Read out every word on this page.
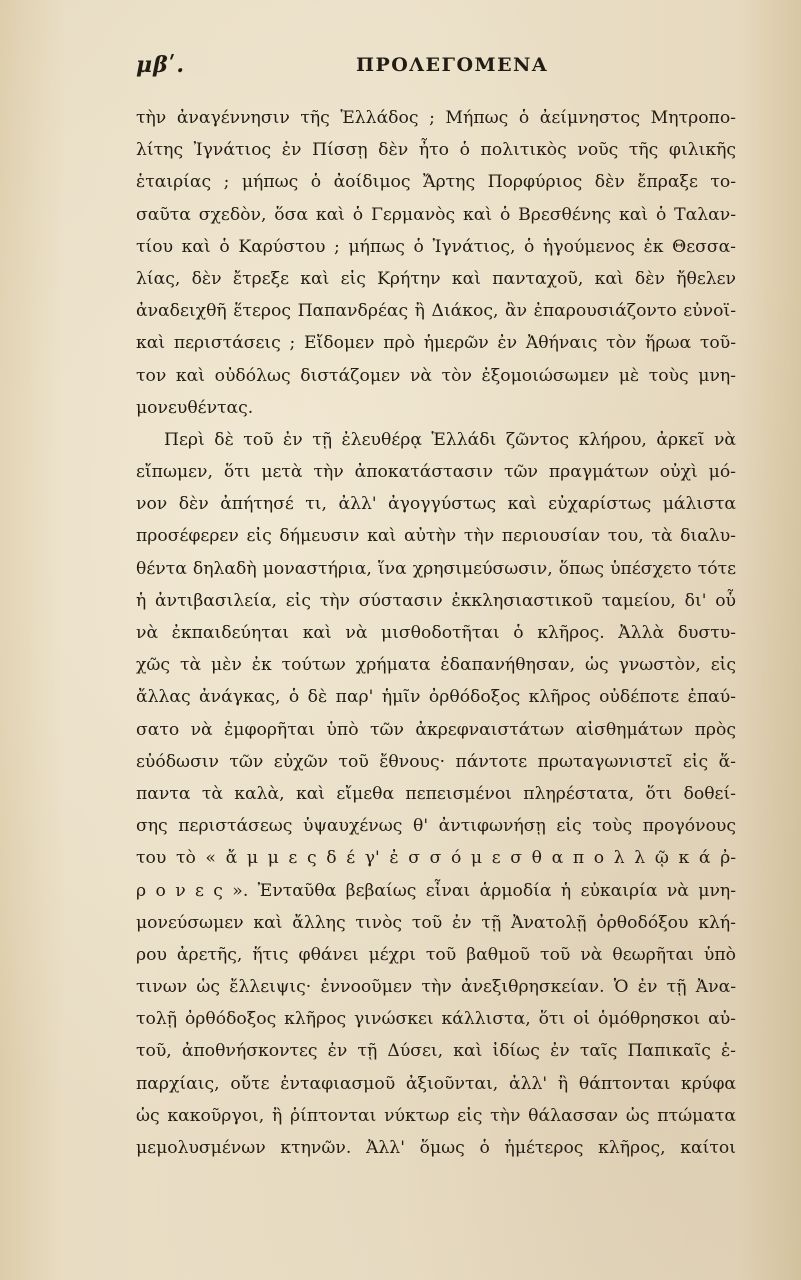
μβʹ.	ΠΡΟΛΕΓΟΜΕΝΑ
τὴν ἀναγέννησιν τῆς Ἑλλάδος ; Μήπως ὁ ἀείμνηστος Μητροπο-
λίτης Ἰγνάτιος ἐν Πίσσῃ δὲν ἦτο ὁ πολιτικὸς νοῦς τῆς φιλικῆς
ἑταιρίας ; μήπως ὁ ἀοίδιμος Ἄρτης Πορφύριος δὲν ἔπραξε το-
σαῦτα σχεδὸν, ὅσα καὶ ὁ Γερμανὸς καὶ ὁ Βρεσθένης καὶ ὁ Ταλαν-
τίου καὶ ὁ Καρύστου ; μήπως ὁ Ἰγνάτιος, ὁ ἡγούμενος ἐκ Θεσσα-
λίας, δὲν ἔτρεξε καὶ εἰς Κρήτην καὶ πανταχοῦ, καὶ δὲν ἤθελεν
ἀναδειχθῆ ἕτερος Παπανδρέας ἢ Διάκος, ἂν ἐπαρουσιάζοντο εὐνοϊ-
καὶ περιστάσεις ; Εἴδομεν πρὸ ἡμερῶν ἐν Ἀθήναις τὸν ἥρωα τοῦ-
τον καὶ οὐδόλως διστάζομεν νὰ τὸν ἐξομοιώσωμεν μὲ τοὺς μνη-
μονευθέντας.
Περὶ δὲ τοῦ ἐν τῇ ἐλευθέρᾳ Ἑλλάδι ζῶντος κλήρου, ἀρκεῖ νὰ
εἴπωμεν, ὅτι μετὰ τὴν ἀποκατάστασιν τῶν πραγμάτων οὐχὶ μό-
νον δὲν ἀπήτησέ τι, ἀλλ' ἀγογγύστως καὶ εὐχαρίστως μάλιστα
προσέφερεν εἰς δήμευσιν καὶ αὐτὴν τὴν περιουσίαν του, τὰ διαλυ-
θέντα δηλαδὴ μοναστήρια, ἵνα χρησιμεύσωσιν, ὅπως ὑπέσχετο τότε
ἡ ἀντιβασιλεία, εἰς τὴν σύστασιν ἐκκλησιαστικοῦ ταμείου, δι' οὗ
νὰ ἐκπαιδεύηται καὶ νὰ μισθοδοτῆται ὁ κλῆρος. Ἀλλὰ δυστυ-
χῶς τὰ μὲν ἐκ τούτων χρήματα ἐδαπανήθησαν, ὡς γνωστὸν, εἰς
ἄλλας ἀνάγκας, ὁ δὲ παρ' ἡμῖν ὀρθόδοξος κλῆρος οὐδέποτε ἐπαύ-
σατο νὰ ἐμφορῆται ὑπὸ τῶν ἀκρεφναιστάτων αἰσθημάτων πρὸς
εὐόδωσιν τῶν εὐχῶν τοῦ ἔθνους· πάντοτε πρωταγωνιστεῖ εἰς ἅ-
παντα τὰ καλὰ, καὶ εἴμεθα πεπεισμένοι πληρέστατα, ὅτι δοθεί-
σης περιστάσεως ὑψαυχένως θ' ἀντιφωνήσῃ εἰς τοὺς προγόνους
του τὸ « ἄ μ μ ε ς δ έ γ' ἐ σ σ ό μ ε σ θ α π ο λ λ ῷ κ ά ῤ-
ρ ο ν ε ς ». Ἐνταῦθα βεβαίως εἶναι ἁρμοδία ἡ εὐκαιρία νὰ μνη-
μονεύσωμεν καὶ ἄλλης τινὸς τοῦ ἐν τῇ Ἀνατολῇ ὀρθοδόξου κλή-
ρου ἀρετῆς, ἥτις φθάνει μέχρι τοῦ βαθμοῦ τοῦ νὰ θεωρῆται ὑπὸ
τινων ὡς ἔλλειψις· ἐννοοῦμεν τὴν ἀνεξιθρησκείαν. Ὁ ἐν τῇ Ἀνα-
τολῇ ὀρθόδοξος κλῆρος γινώσκει κάλλιστα, ὅτι οἱ ὁμόθρησκοι αὐ-
τοῦ, ἀποθνήσκοντες ἐν τῇ Δύσει, καὶ ἰδίως ἐν ταῖς Παπικαῖς ἐ-
παρχίαις, οὔτε ἐνταφιασμοῦ ἀξιοῦνται, ἀλλ' ἢ θάπτονται κρύφα
ὡς κακοῦργοι, ἢ ῥίπτονται νύκτωρ εἰς τὴν θάλασσαν ὡς πτώματα
μεμολυσμένων κτηνῶν. Ἀλλ' ὅμως ὁ ἡμέτερος κλῆρος, καίτοι
